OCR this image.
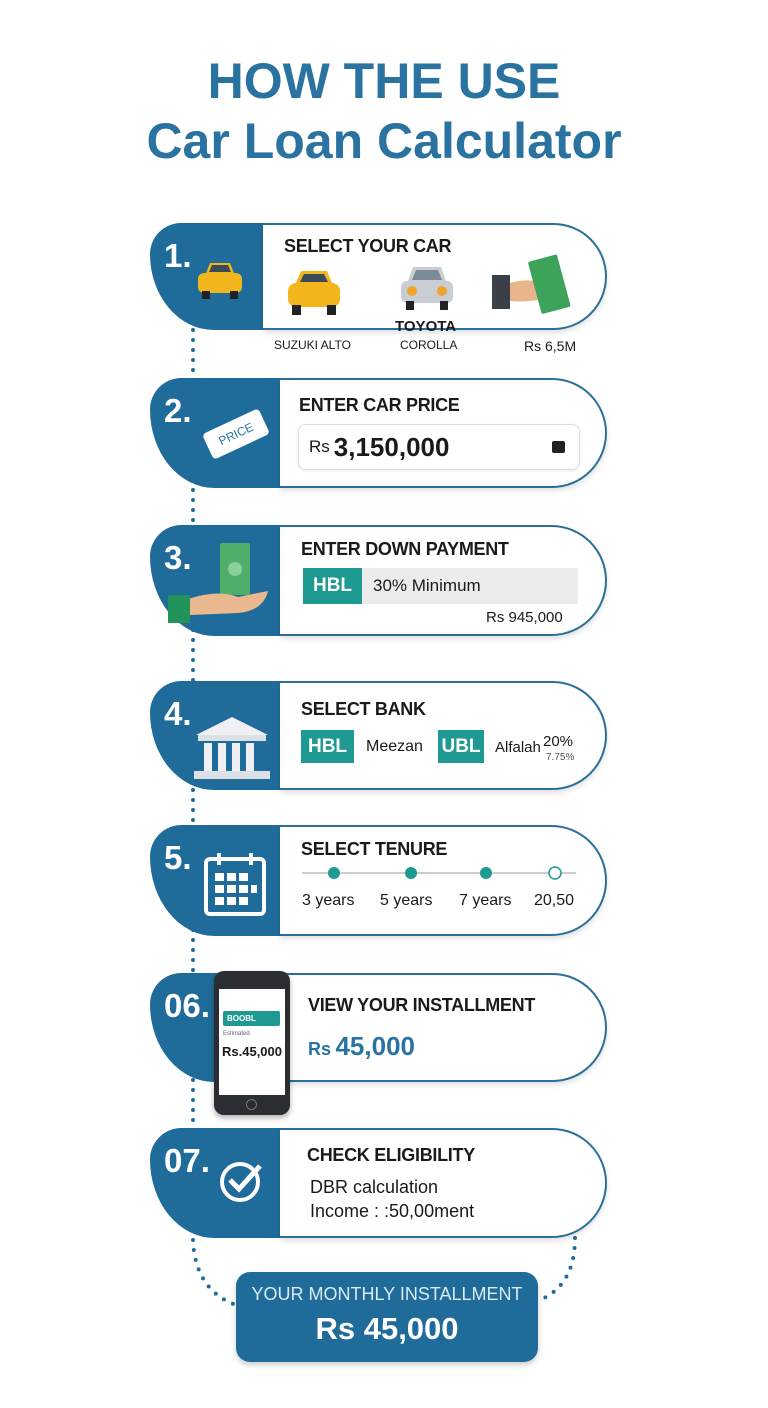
HOW THE USE
Car Loan Calculator
1.	SELECT YOUR CAR
SUZUKI ALTO
TOYOTA
COROLLA	Rs 6,5M
2.
PRICE
ENTER CAR PRICE
Rs 3,150,000
3.	ENTER DOWN PAYMENT
HBL	30% Minimum
Rs 945,000
4.	SELECT BANK
HBL	Meezan UBL Alfalah 20%
7.75%
5.	SELECT TENURE
3 years 5 years 7 years 20,50
06.	BOOBL
Estimated
Rs.45,000
VIEW YOUR INSTALLMENT
Rs 45,000
07.	CHECK ELIGIBILITY
DBR calculation
Income : :50,00ment
YOUR MONTHLY INSTALLMENT
Rs 45,000
